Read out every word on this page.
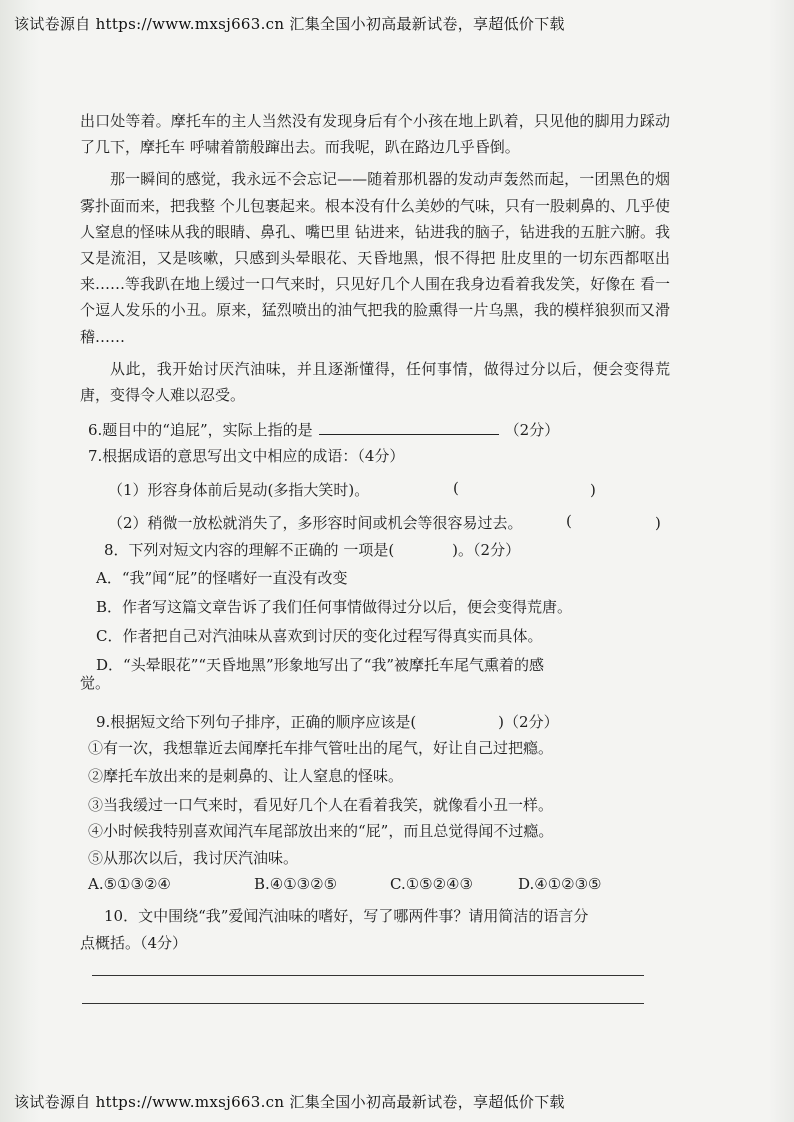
该试卷源自 https://www.mxsj663.cn 汇集全国小初高最新试卷，享超低价下载

出口处等着。摩托车的主人当然没有发现身后有个小孩在地上趴着，只见他的脚用力踩动了几下，摩托车 呼啸着箭般蹿出去。而我呢，趴在路边几乎昏倒。

那一瞬间的感觉，我永远不会忘记——随着那机器的发动声轰然而起，一团黑色的烟雾扑面而来，把我整 个儿包裹起来。根本没有什么美妙的气味，只有一股刺鼻的、几乎使人窒息的怪味从我的眼睛、鼻孔、嘴巴里 钻进来，钻进我的脑子，钻进我的五脏六腑。我又是流泪，又是咳嗽，只感到头晕眼花、天昏地黑，恨不得把 肚皮里的一切东西都呕出来……等我趴在地上缓过一口气来时，只见好几个人围在我身边看着我发笑，好像在 看一个逗人发乐的小丑。原来，猛烈喷出的油气把我的脸熏得一片乌黑，我的模样狼狈而又滑稽……

从此，我开始讨厌汽油味，并且逐渐懂得，任何事情，做得过分以后，便会变得荒唐，变得令人难以忍受。

6.题目中的“追屁”，实际上指的是	（2分）
7.根据成语的意思写出文中相应的成语：（4分）
（1）形容身体前后晃动(多指大笑时)。	(	)
（2）稍微一放松就消失了，多形容时间或机会等很容易过去。	(	)
8．下列对短文内容的理解不正确的 一项是(	)。（2分）
A．“我”闻“屁”的怪嗜好一直没有改变
B．作者写这篇文章告诉了我们任何事情做得过分以后，便会变得荒唐。
C．作者把自己对汽油味从喜欢到讨厌的变化过程写得真实而具体。
D．“头晕眼花”“天昏地黑”形象地写出了“我”被摩托车尾气熏着的感
觉。
9.根据短文给下列句子排序，正确的顺序应该是(	)（2分）
①有一次，我想靠近去闻摩托车排气管吐出的尾气，好让自己过把瘾。
②摩托车放出来的是刺鼻的、让人窒息的怪味。
③当我缓过一口气来时，看见好几个人在看着我笑，就像看小丑一样。
④小时候我特别喜欢闻汽车尾部放出来的“屁”，而且总觉得闻不过瘾。
⑤从那次以后，我讨厌汽油味。
A.⑤①③②④	B.④①③②⑤	C.①⑤②④③	D.④①②③⑤
10．文中围绕“我”爱闻汽油味的嗜好，写了哪两件事？请用简洁的语言分
点概括。（4分）
该试卷源自 https://www.mxsj663.cn 汇集全国小初高最新试卷，享超低价下载
